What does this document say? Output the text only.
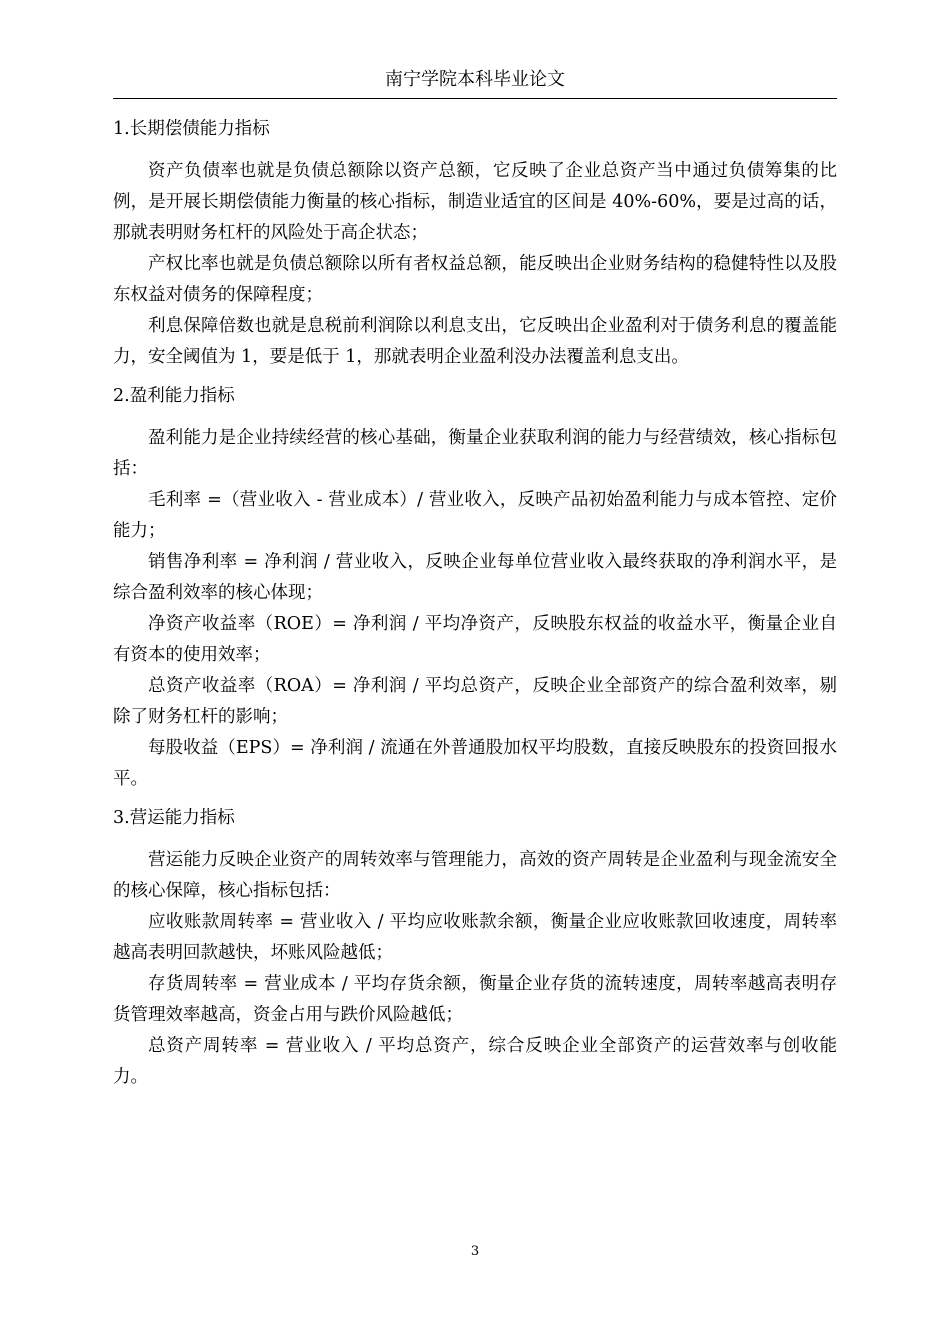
南宁学院本科毕业论文

1.长期偿债能力指标

资产负债率也就是负债总额除以资产总额，它反映了企业总资产当中通过负债筹集的比例，是开展长期偿债能力衡量的核心指标，制造业适宜的区间是 40%-60%，要是过高的话，那就表明财务杠杆的风险处于高企状态；

产权比率也就是负债总额除以所有者权益总额，能反映出企业财务结构的稳健特性以及股东权益对债务的保障程度；

利息保障倍数也就是息税前利润除以利息支出，它反映出企业盈利对于债务利息的覆盖能力，安全阈值为 1，要是低于 1，那就表明企业盈利没办法覆盖利息支出。

2.盈利能力指标

盈利能力是企业持续经营的核心基础，衡量企业获取利润的能力与经营绩效，核心指标包括：

毛利率 =（营业收入 - 营业成本）/ 营业收入，反映产品初始盈利能力与成本管控、定价能力；

销售净利率 = 净利润 / 营业收入，反映企业每单位营业收入最终获取的净利润水平，是综合盈利效率的核心体现；

净资产收益率（ROE）= 净利润 / 平均净资产，反映股东权益的收益水平，衡量企业自有资本的使用效率；

总资产收益率（ROA）= 净利润 / 平均总资产，反映企业全部资产的综合盈利效率，剔除了财务杠杆的影响；

每股收益（EPS）= 净利润 / 流通在外普通股加权平均股数，直接反映股东的投资回报水平。

3.营运能力指标

营运能力反映企业资产的周转效率与管理能力，高效的资产周转是企业盈利与现金流安全的核心保障，核心指标包括：

应收账款周转率 = 营业收入 / 平均应收账款余额，衡量企业应收账款回收速度，周转率越高表明回款越快，坏账风险越低；

存货周转率 = 营业成本 / 平均存货余额，衡量企业存货的流转速度，周转率越高表明存货管理效率越高，资金占用与跌价风险越低；

总资产周转率 = 营业收入 / 平均总资产，综合反映企业全部资产的运营效率与创收能力。

3
